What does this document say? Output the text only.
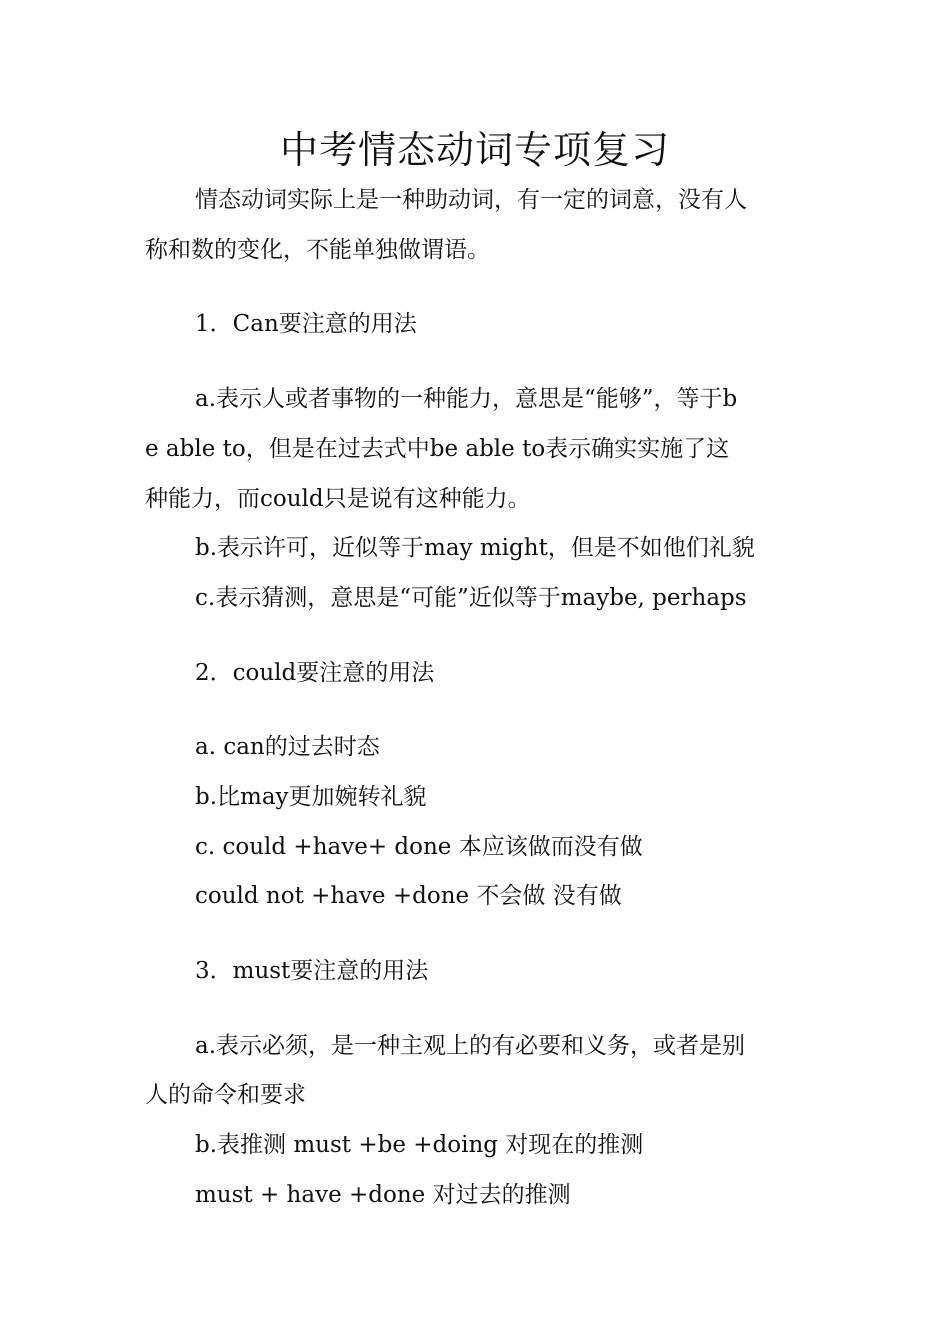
中考情态动词专项复习
情态动词实际上是一种助动词，有一定的词意，没有人
称和数的变化，不能单独做谓语。
1．Can要注意的用法
a.表示人或者事物的一种能力，意思是“能够”，等于b
e able to，但是在过去式中be able to表示确实实施了这
种能力，而could只是说有这种能力。
b.表示许可，近似等于may might，但是不如他们礼貌
c.表示猜测，意思是“可能”近似等于maybe, perhaps
2．could要注意的用法
a. can的过去时态
b.比may更加婉转礼貌
c. could +have+ done 本应该做而没有做
could not +have +done 不会做 没有做
3．must要注意的用法
a.表示必须，是一种主观上的有必要和义务，或者是别
人的命令和要求
b.表推测 must +be +doing 对现在的推测
must + have +done 对过去的推测
